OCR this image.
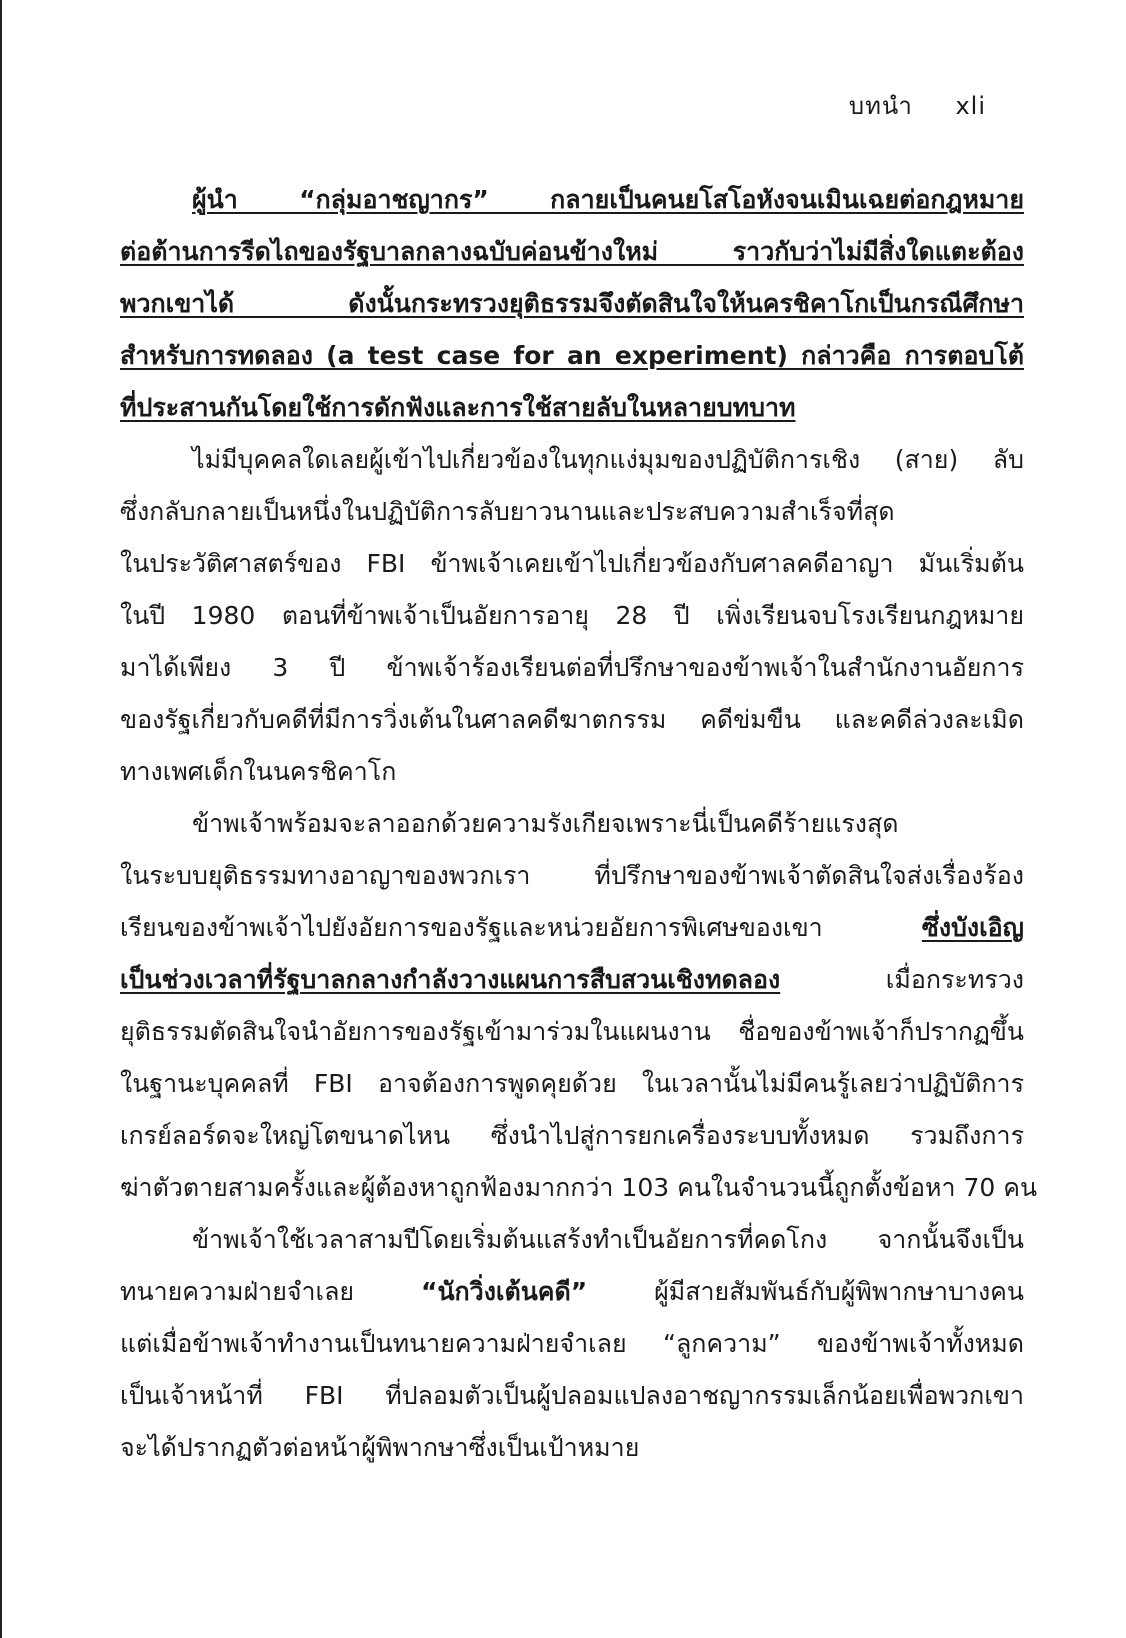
บทนำ xli
ผู้นำ “กลุ่มอาชญากร” กลายเป็นคนยโสโอหังจนเมินเฉยต่อกฎหมาย
ต่อต้านการรีดไถของรัฐบาลกลางฉบับค่อนข้างใหม่ ราวกับว่าไม่มีสิ่งใดแตะต้อง
พวกเขาได้ ดังนั้นกระทรวงยุติธรรมจึงตัดสินใจให้นครชิคาโกเป็นกรณีศึกษา
สำหรับการทดลอง (a test case for an experiment) กล่าวคือ การตอบโต้
ที่ประสานกันโดยใช้การดักฟังและการใช้สายลับในหลายบทบาท
ไม่มีบุคคลใดเลยผู้เข้าไปเกี่ยวข้องในทุกแง่มุมของปฏิบัติการเชิง (สาย) ลับ
ซึ่งกลับกลายเป็นหนึ่งในปฏิบัติการลับยาวนานและประสบความสำเร็จที่สุด
ในประวัติศาสตร์ของ FBI ข้าพเจ้าเคยเข้าไปเกี่ยวข้องกับศาลคดีอาญา มันเริ่มต้น
ในปี 1980 ตอนที่ข้าพเจ้าเป็นอัยการอายุ 28 ปี เพิ่งเรียนจบโรงเรียนกฎหมาย
มาได้เพียง 3 ปี ข้าพเจ้าร้องเรียนต่อที่ปรึกษาของข้าพเจ้าในสำนักงานอัยการ
ของรัฐเกี่ยวกับคดีที่มีการวิ่งเต้นในศาลคดีฆาตกรรม คดีข่มขืน และคดีล่วงละเมิด
ทางเพศเด็กในนครชิคาโก
ข้าพเจ้าพร้อมจะลาออกด้วยความรังเกียจเพราะนี่เป็นคดีร้ายแรงสุด
ในระบบยุติธรรมทางอาญาของพวกเรา ที่ปรึกษาของข้าพเจ้าตัดสินใจส่งเรื่องร้อง
เรียนของข้าพเจ้าไปยังอัยการของรัฐและหน่วยอัยการพิเศษของเขา ซึ่งบังเอิญ
เป็นช่วงเวลาที่รัฐบาลกลางกำลังวางแผนการสืบสวนเชิงทดลอง เมื่อกระทรวง
ยุติธรรมตัดสินใจนำอัยการของรัฐเข้ามาร่วมในแผนงาน ชื่อของข้าพเจ้าก็ปรากฏขึ้น
ในฐานะบุคคลที่ FBI อาจต้องการพูดคุยด้วย ในเวลานั้นไม่มีคนรู้เลยว่าปฏิบัติการ
เกรย์ลอร์ดจะใหญ่โตขนาดไหน ซึ่งนำไปสู่การยกเครื่องระบบทั้งหมด รวมถึงการ
ฆ่าตัวตายสามครั้งและผู้ต้องหาถูกฟ้องมากกว่า 103 คนในจำนวนนี้ถูกตั้งข้อหา 70 คน
ข้าพเจ้าใช้เวลาสามปีโดยเริ่มต้นแสร้งทำเป็นอัยการที่คดโกง จากนั้นจึงเป็น
ทนายความฝ่ายจำเลย “นักวิ่งเต้นคดี” ผู้มีสายสัมพันธ์กับผู้พิพากษาบางคน
แต่เมื่อข้าพเจ้าทำงานเป็นทนายความฝ่ายจำเลย “ลูกความ” ของข้าพเจ้าทั้งหมด
เป็นเจ้าหน้าที่ FBI ที่ปลอมตัวเป็นผู้ปลอมแปลงอาชญากรรมเล็กน้อยเพื่อพวกเขา
จะได้ปรากฏตัวต่อหน้าผู้พิพากษาซึ่งเป็นเป้าหมาย
